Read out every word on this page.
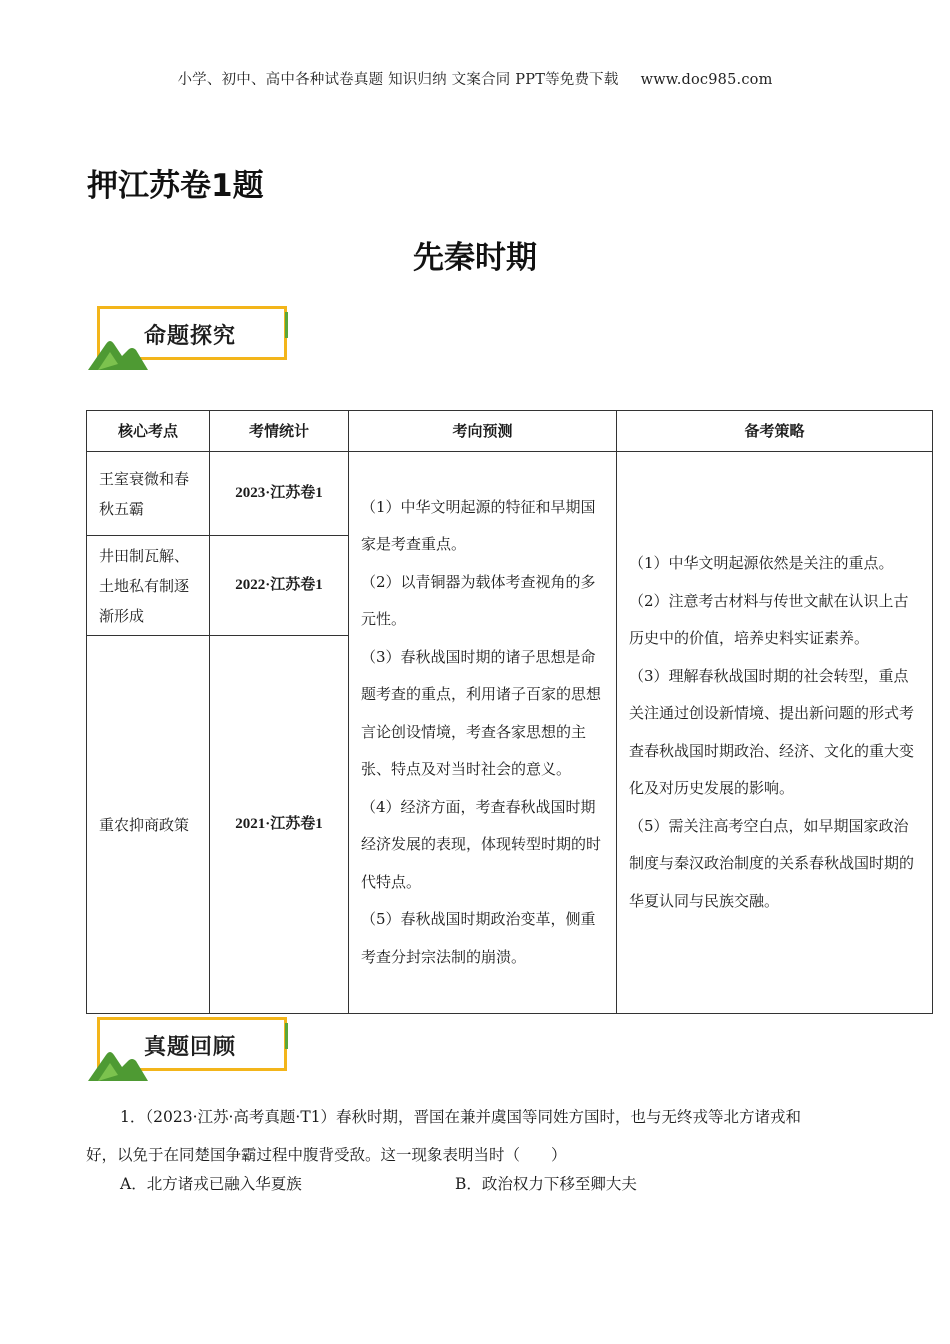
小学、初中、高中各种试卷真题 知识归纳 文案合同 PPT等免费下载 www.doc985.com
押江苏卷1题
先秦时期
命题探究
核心考点	考情统计	考向预测	备考策略
王室衰微和春秋五霸	2023·江苏卷1	（1）中华文明起源的特征和早期国家是考查重点。
（2）以青铜器为载体考查视角的多元性。
（3）春秋战国时期的诸子思想是命题考查的重点，利用诸子百家的思想言论创设情境，考查各家思想的主张、特点及对当时社会的意义。
（4）经济方面，考查春秋战国时期经济发展的表现，体现转型时期的时代特点。
（5）春秋战国时期政治变革，侧重考查分封宗法制的崩溃。	（1）中华文明起源依然是关注的重点。
（2）注意考古材料与传世文献在认识上古历史中的价值，培养史料实证素养。
（3）理解春秋战国时期的社会转型，重点关注通过创设新情境、提出新问题的形式考查春秋战国时期政治、经济、文化的重大变化及对历史发展的影响。
（5）需关注高考空白点，如早期国家政治制度与秦汉政治制度的关系春秋战国时期的华夏认同与民族交融。

井田制瓦解、土地私有制逐渐形成	2022·江苏卷1		
重农抑商政策	2021·江苏卷1		
真题回顾
1．（2023·江苏·高考真题·T1）春秋时期，晋国在兼并虞国等同姓方国时，也与无终戎等北方诸戎和
好，以免于在同楚国争霸过程中腹背受敌。这一现象表明当时（　　）
A．北方诸戎已融入华夏族	B．政治权力下移至卿大夫
